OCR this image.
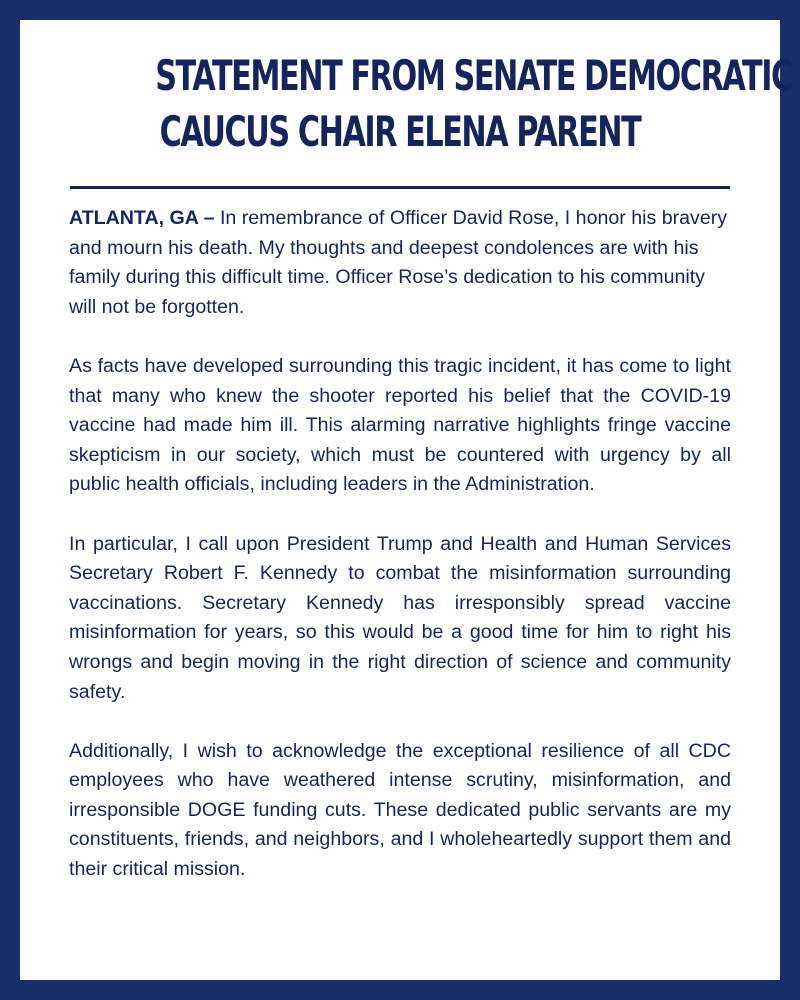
STATEMENT FROM SENATE DEMOCRATIC
CAUCUS CHAIR ELENA PARENT

ATLANTA, GA – In remembrance of Officer David Rose, I honor his bravery and mourn his death. My thoughts and deepest condolences are with his family during this difficult time. Officer Rose’s dedication to his community will not be forgotten.

As facts have developed surrounding this tragic incident, it has come to light that many who knew the shooter reported his belief that the COVID-19 vaccine had made him ill. This alarming narrative highlights fringe vaccine skepticism in our society, which must be countered with urgency by all public health officials, including leaders in the Administration.

In particular, I call upon President Trump and Health and Human Services Secretary Robert F. Kennedy to combat the misinformation surrounding vaccinations. Secretary Kennedy has irresponsibly spread vaccine misinformation for years, so this would be a good time for him to right his wrongs and begin moving in the right direction of science and community safety.

Additionally, I wish to acknowledge the exceptional resilience of all CDC employees who have weathered intense scrutiny, misinformation, and irresponsible DOGE funding cuts. These dedicated public servants are my constituents, friends, and neighbors, and I wholeheartedly support them and their critical mission.
